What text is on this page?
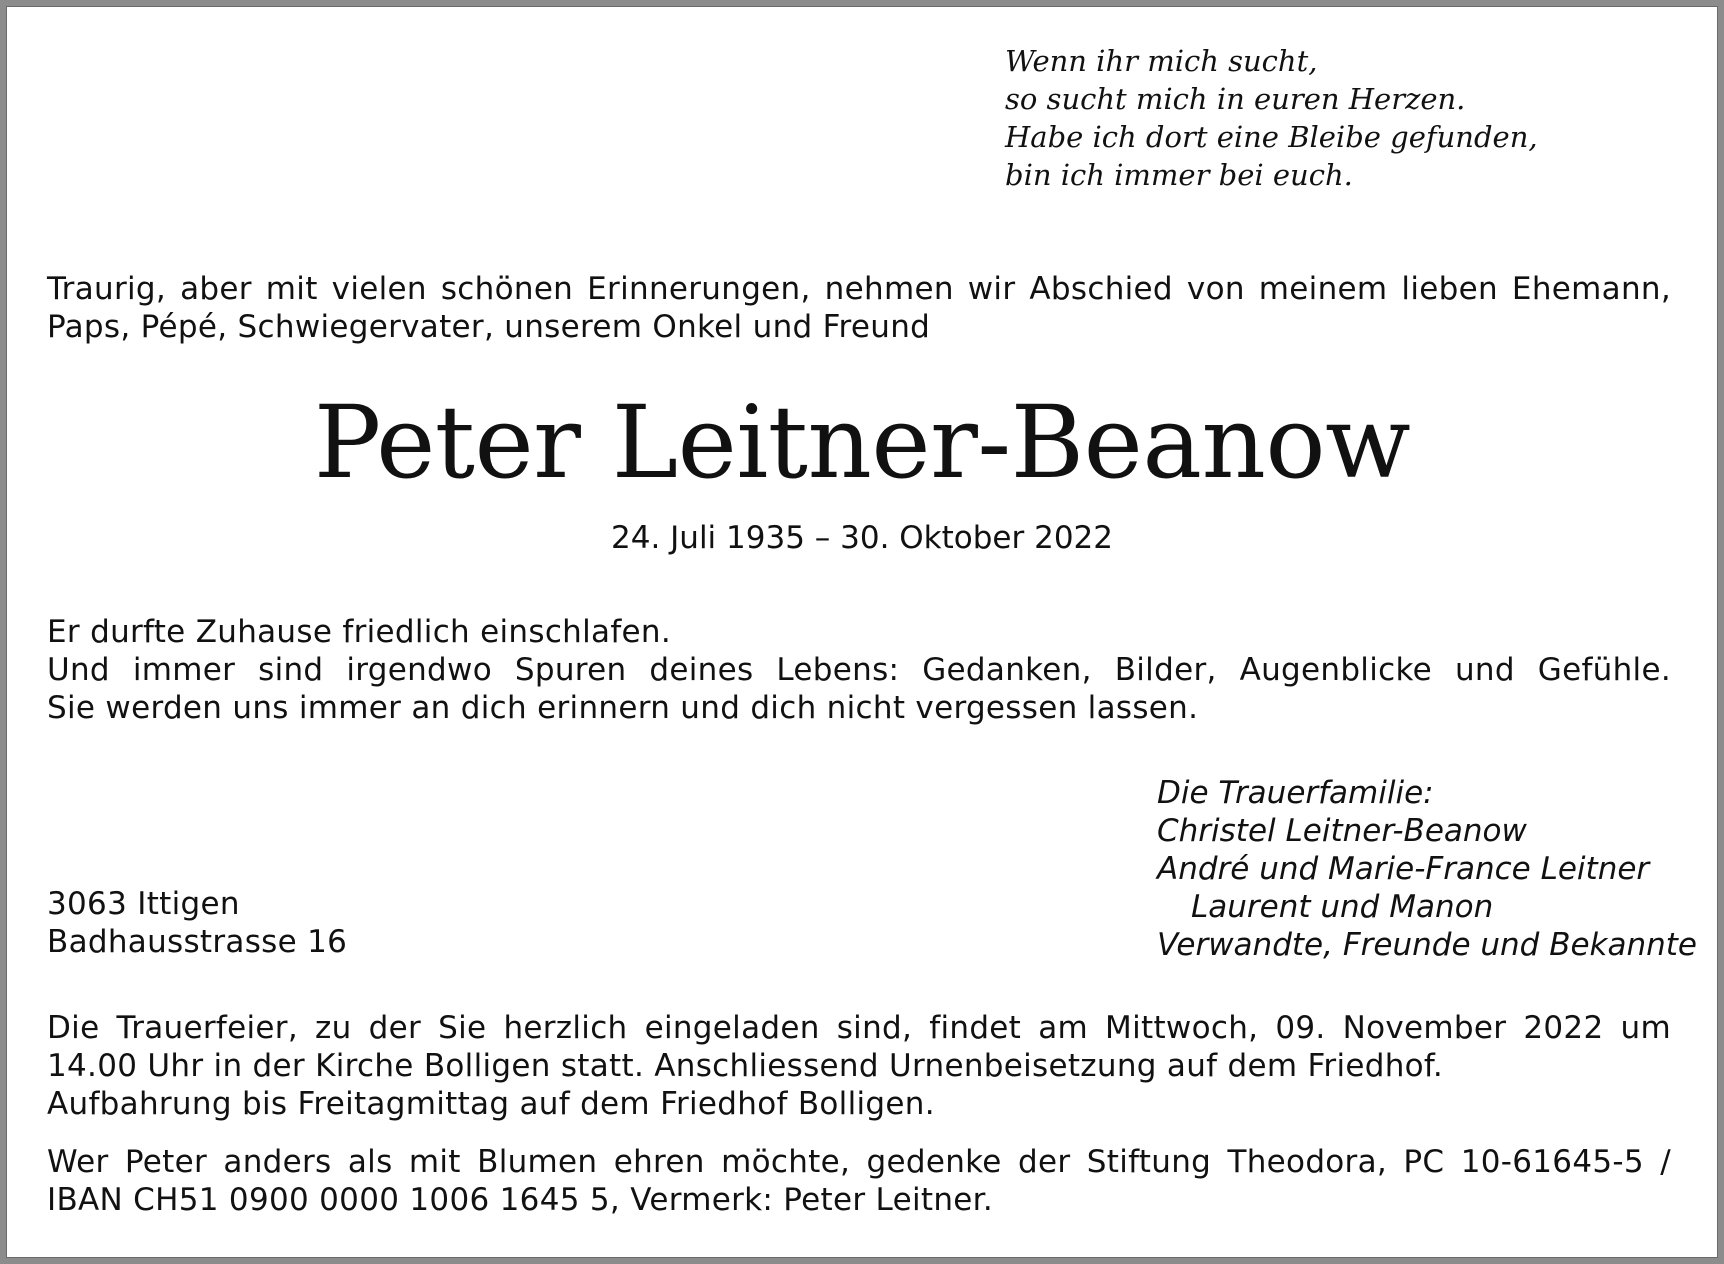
Wenn ihr mich sucht,
so sucht mich in euren Herzen.
Habe ich dort eine Bleibe gefunden,
bin ich immer bei euch.
Traurig, aber mit vielen schönen Erinnerungen, nehmen wir Abschied von meinem lieben Ehemann,
Paps, Pépé, Schwiegervater, unserem Onkel und Freund
Peter Leitner-Beanow
24. Juli 1935 – 30. Oktober 2022
Er durfte Zuhause friedlich einschlafen.
Und immer sind irgendwo Spuren deines Lebens: Gedanken, Bilder, Augenblicke und Gefühle.
Sie werden uns immer an dich erinnern und dich nicht vergessen lassen.
Die Trauerfamilie:
Christel Leitner-Beanow
André und Marie-France Leitner
Laurent und Manon
Verwandte, Freunde und Bekannte
3063 Ittigen
Badhausstrasse 16
Die Trauerfeier, zu der Sie herzlich eingeladen sind, findet am Mittwoch, 09. November 2022 um
14.00 Uhr in der Kirche Bolligen statt. Anschliessend Urnenbeisetzung auf dem Friedhof.
Aufbahrung bis Freitagmittag auf dem Friedhof Bolligen.
Wer Peter anders als mit Blumen ehren möchte, gedenke der Stiftung Theodora, PC 10-61645-5 /
IBAN CH51 0900 0000 1006 1645 5, Vermerk: Peter Leitner.
